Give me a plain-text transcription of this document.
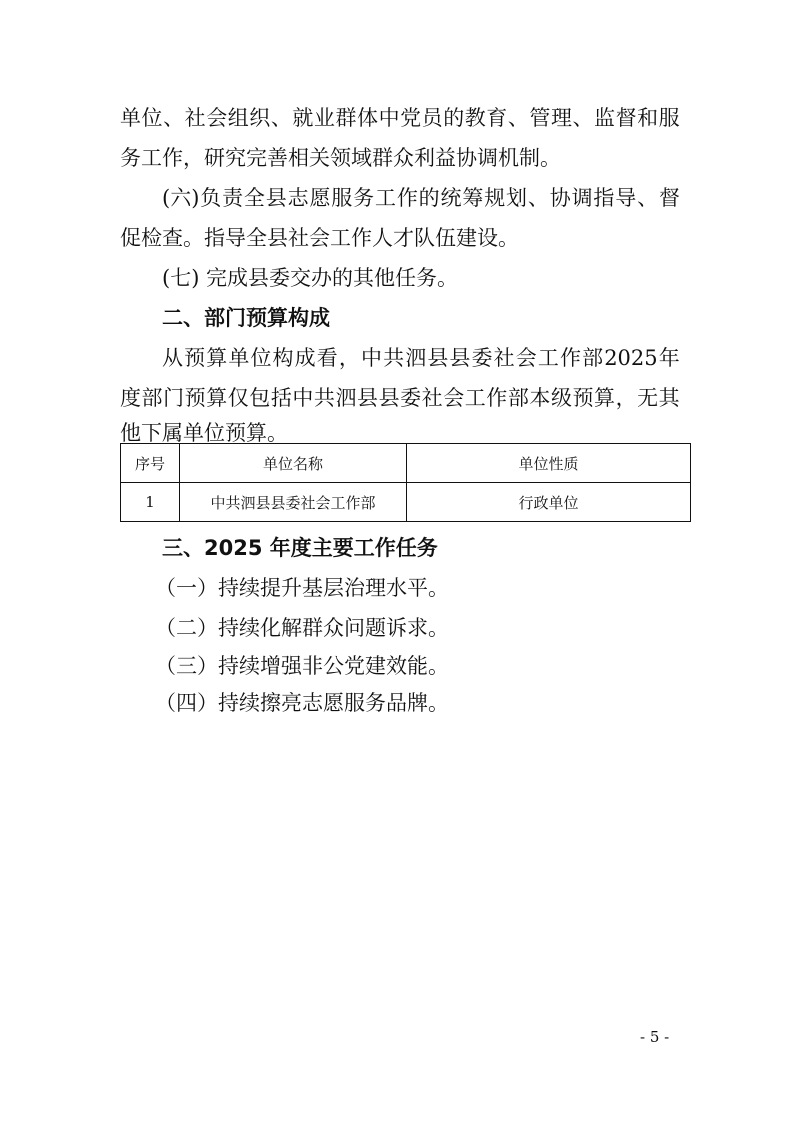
单 位 、 社 会 组 织 、 就 业 群 体 中 党 员 的 教 育 、 管 理 、 监 督 和 服
务工作，研究完善相关领域群众利益协调机制。
(六) 负 责 全 县 志 愿 服 务 工 作 的 统 筹 规 划 、 协 调 指 导 、 督
促检查。指导全县社会工作人才队伍建设。
(七) 完成县委交办的其他任务。
二、部门预算构成
从 预 算 单 位 构 成 看 ， 中 共 泗 县 县 委 社 会 工 作 部 2025 年
度 部 门 预 算 仅 包 括 中 共 泗 县 县 委 社 会 工 作 部 本 级 预 算 ， 无 其
他下属单位预算。
序号	单位名称	单位性质
1	中共泗县县委社会工作部	行政单位
三、2025 年度主要工作任务
（一）持续提升基层治理水平。
（二）持续化解群众问题诉求。
（三）持续增强非公党建效能。
（四）持续擦亮志愿服务品牌。
- 5 -
